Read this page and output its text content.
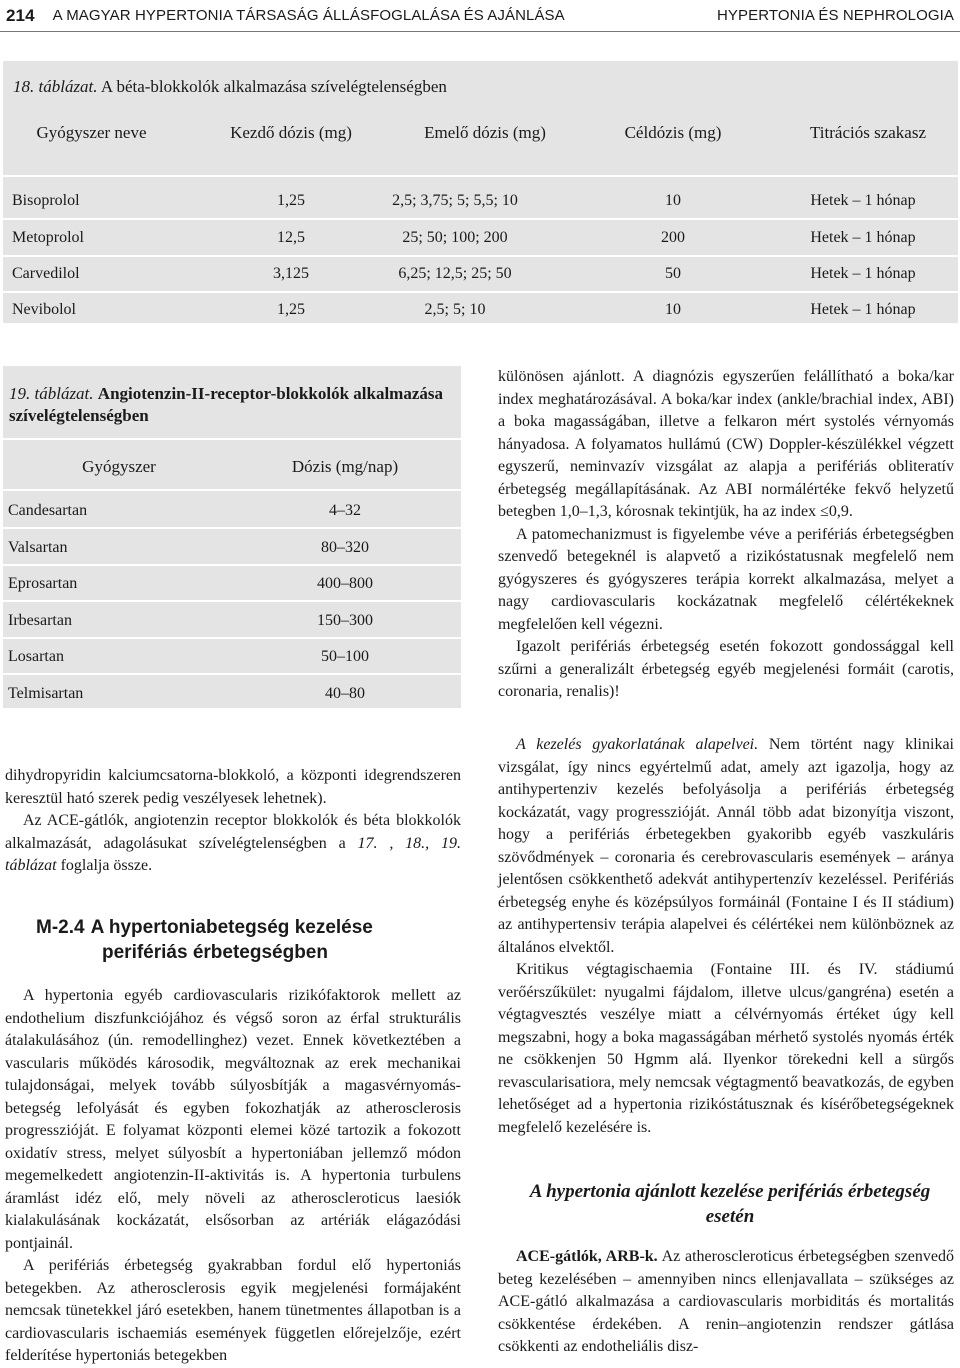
214 A MAGYAR HYPERTONIA TÁRSASÁG ÁLLÁSFOGLALÁSA ÉS AJÁNLÁSA	HYPERTONIA ÉS NEPHROLOGIA
18. táblázat. A béta-blokkolók alkalmazása szívelégtelenségben
Gyógyszer neve	Kezdő dózis (mg)	Emelő dózis (mg)	Céldózis (mg)	Titrációs szakasz
Bisoprolol	1,25	2,5; 3,75; 5; 5,5; 10	10	Hetek – 1 hónap
Metoprolol	12,5	25; 50; 100; 200	200	Hetek – 1 hónap
Carvedilol	3,125	6,25; 12,5; 25; 50	50	Hetek – 1 hónap
Nevibolol	1,25	2,5; 5; 10	10	Hetek – 1 hónap
19. táblázat. Angiotenzin-II-receptor-blokkolók alkalmazása szívelégtelenségben
Gyógyszer	Dózis (mg/nap)
Candesartan	4–32
Valsartan	80–320
Eprosartan	400–800
Irbesartan	150–300
Losartan	50–100
Telmisartan	40–80

dihydropyridin kalciumcsatorna-blokkoló, a központi idegrendszeren keresztül ható szerek pedig veszélyesek lehetnek).

Az ACE-gátlók, angiotenzin receptor blokkolók és béta blokkolók alkalmazását, adagolásukat szívelégtelenségben a 17. , 18., 19. táblázat foglalja össze.

M-2.4 A hypertoniabetegség kezelése
perifériás érbetegségben

A hypertonia egyéb cardiovascularis rizikófaktorok mellett az endothelium diszfunkciójához és végső soron az érfal strukturális átalakulásához (ún. remodellinghez) vezet. Ennek következtében a vascularis működés károsodik, megváltoznak az erek mechanikai tulajdonságai, melyek tovább súlyosbítják a magasvérnyomás-betegség lefolyását és egyben fokozhatják az atherosclerosis progresszióját. E folyamat központi elemei közé tartozik a fokozott oxidatív stress, melyet súlyosbít a hypertoniában jellemző módon megemelkedett angiotenzin-II-aktivitás is. A hypertonia turbulens áramlást idéz elő, mely növeli az atheroscleroticus laesiók kialakulásának kockázatát, elsősorban az artériák elágazódási pontjainál.

A perifériás érbetegség gyakrabban fordul elő hypertoniás betegekben. Az atherosclerosis egyik megjelenési formájaként nemcsak tünetekkel járó esetekben, hanem tünetmentes állapotban is a cardiovascularis ischaemiás események független előrejelzője, ezért felderítése hypertoniás betegekben

különösen ajánlott. A diagnózis egyszerűen felállítható a boka/kar index meghatározásával. A boka/kar index (ankle/brachial index, ABI) a boka magasságában, illetve a felkaron mért systolés vérnyomás hányadosa. A folyamatos hullámú (CW) Doppler-készülékkel végzett egyszerű, neminvazív vizsgálat az alapja a perifériás obliteratív érbetegség megállapításának. Az ABI normálértéke fekvő helyzetű betegben 1,0–1,3, kórosnak tekintjük, ha az index ≤0,9.

A patomechanizmust is figyelembe véve a perifériás érbetegségben szenvedő betegeknél is alapvető a rizikóstatusnak megfelelő nem gyógyszeres és gyógyszeres terápia korrekt alkalmazása, melyet a nagy cardiovascularis kockázatnak megfelelő célértékeknek megfelelően kell végezni.

Igazolt perifériás érbetegség esetén fokozott gondossággal kell szűrni a generalizált érbetegség egyéb megjelenési formáit (carotis, coronaria, renalis)!

A kezelés gyakorlatának alapelvei. Nem történt nagy klinikai vizsgálat, így nincs egyértelmű adat, amely azt igazolja, hogy az antihypertenziv kezelés befolyásolja a perifériás érbetegség kockázatát, vagy progresszióját. Annál több adat bizonyítja viszont, hogy a perifériás érbetegekben gyakoribb egyéb vaszkuláris szövődmények – coronaria és cerebrovascularis események – aránya jelentősen csökkenthető adekvát antihypertenzív kezeléssel. Perifériás érbetegség enyhe és középsúlyos formáinál (Fontaine I és II stádium) az antihypertensiv terápia alapelvei és célértékei nem különböznek az általános elvektől.

Kritikus végtagischaemia (Fontaine III. és IV. stádiumú verőérszűkület: nyugalmi fájdalom, illetve ulcus/gangréna) esetén a végtagvesztés veszélye miatt a célvérnyomás értéket úgy kell megszabni, hogy a boka magasságában mérhető systolés nyomás érték ne csökkenjen 50 Hgmm alá. Ilyenkor törekedni kell a sürgős revascularisatiora, mely nemcsak végtagmentő beavatkozás, de egyben lehetőséget ad a hypertonia rizikóstátusznak és kísérőbetegségeknek megfelelő kezelésére is.

A hypertonia ajánlott kezelése perifériás érbetegség esetén

ACE-gátlók, ARB-k. Az atheroscleroticus érbetegségben szenvedő beteg kezelésében – amennyiben nincs ellenjavallata – szükséges az ACE-gátló alkalmazása a cardiovascularis morbiditás és mortalitás csökkentése érdekében. A renin–angiotenzin rendszer gátlása csökkenti az endotheliális disz-
